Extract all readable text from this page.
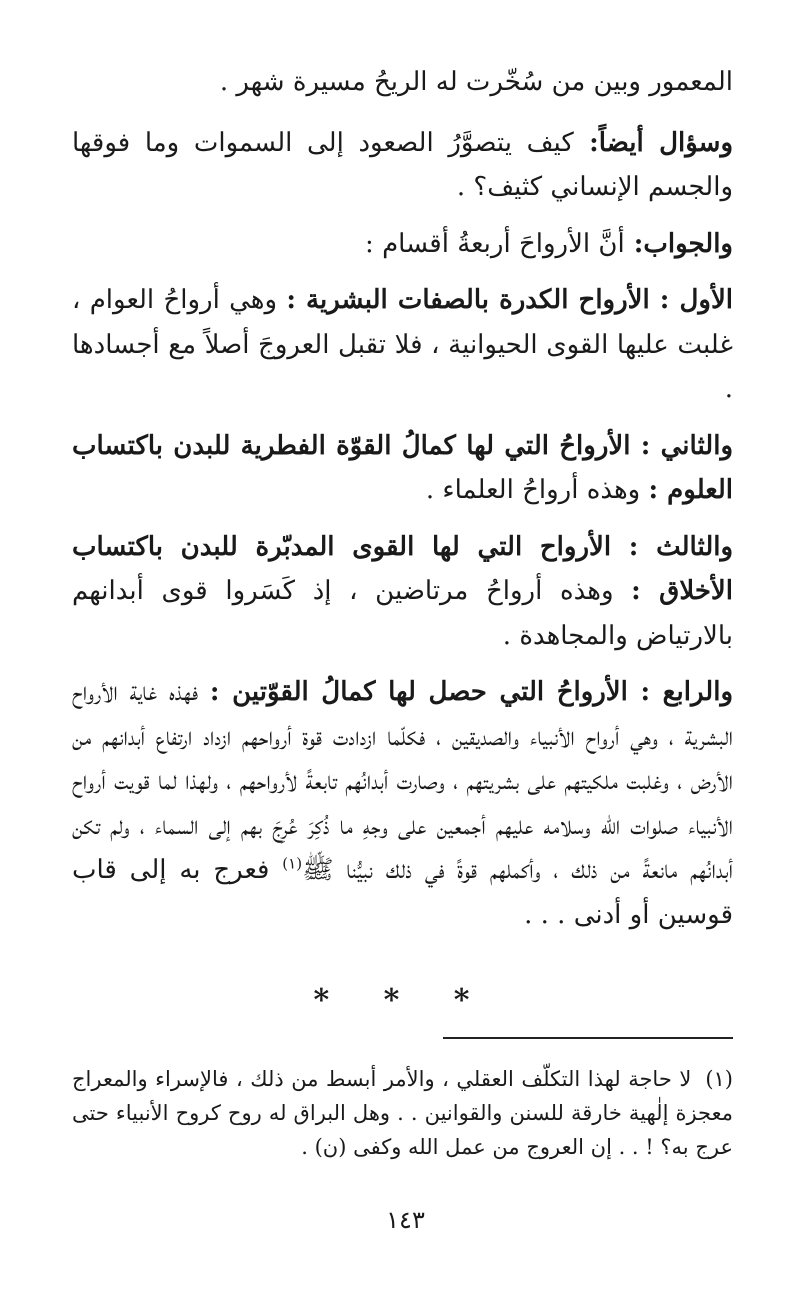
المعمور وبين من سُخّرت له الريحُ مسيرة شهر .

وسؤال أيضاً: كيف يتصوَّرُ الصعود إلى السموات وما فوقها والجسم الإنساني كثيف؟ .

والجواب: أنَّ الأرواحَ أربعةُ أقسام :

الأول : الأرواح الكدرة بالصفات البشرية : وهي أرواحُ العوام ، غلبت عليها القوى الحيوانية ، فلا تقبل العروجَ أصلاً مع أجسادها .

والثاني : الأرواحُ التي لها كمالُ القوّة الفطرية للبدن باكتساب العلوم : وهذه أرواحُ العلماء .

والثالث : الأرواح التي لها القوى المدبّرة للبدن باكتساب الأخلاق : وهذه أرواحُ مرتاضين ، إذ كَسَروا قوى أبدانهم بالارتياض والمجاهدة .

والرابع : الأرواحُ التي حصل لها كمالُ القوّتين : فهذه غاية الأرواح البشرية ، وهي أرواح الأنبياء والصديقين ، فكلّما ازدادت قوة أرواحهم ازداد ارتفاع أبدانهم من الأرض ، وغلبت ملكيتهم على بشريتهم ، وصارت أبدانُهم تابعةً لأرواحهم ، ولهذا لما قويت أرواح الأنبياء صلوات الله وسلامه عليهم أجمعين على وجهِ ما ذُكِرَ عُرِجَ بهم إلى السماء ، ولم تكن أبدانُهم مانعةً من ذلك ، وأكملهم قوةً في ذلك نبيُّنا ﷺ$^{(١)}$ فعرج به إلى قاب قوسين أو أدنى . . .

* * *
(١)لا حاجة لهذا التكلّف العقلي ، والأمر أبسط من ذلك ، فالإسراء والمعراج معجزة إلٰهية خارقة للسنن والقوانين . . وهل البراق له روح كروح الأنبياء حتى عرج به؟ ! . . إن العروج من عمل الله وكفى (ن) .
١٤٣
